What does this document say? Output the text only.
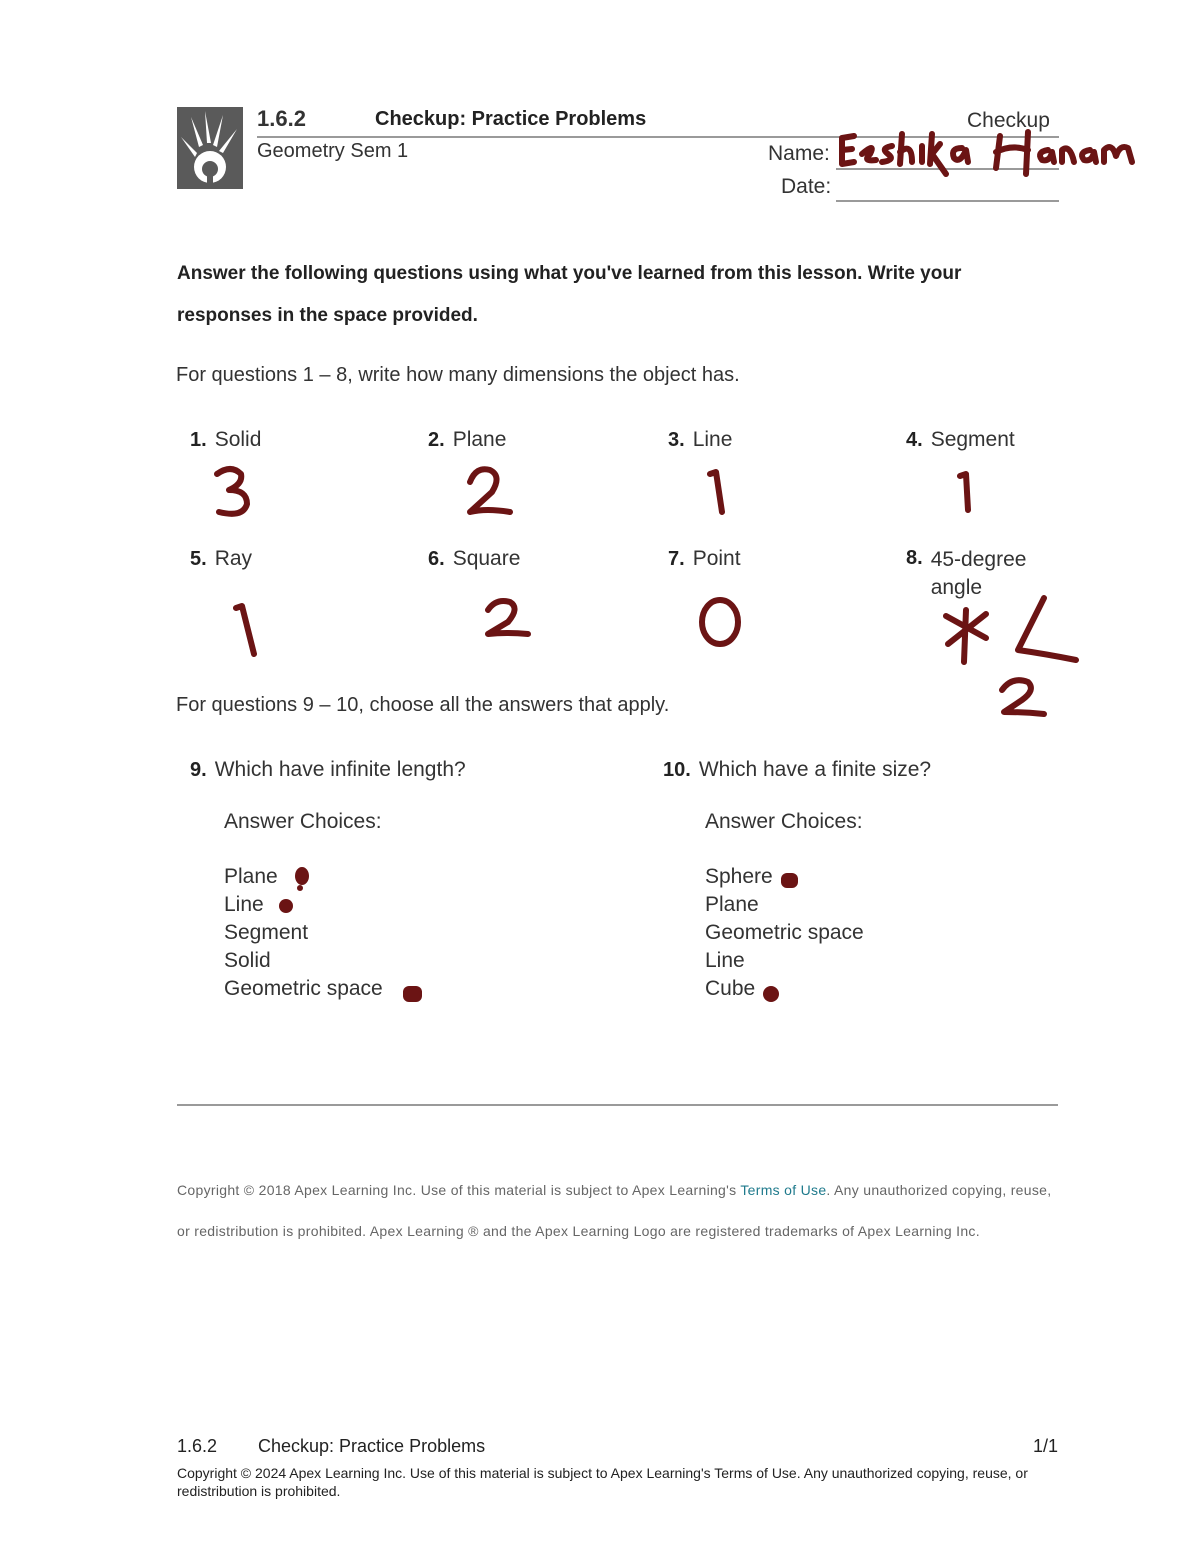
1.6.2	Checkup: Practice Problems	Checkup
Geometry Sem 1	Name:
Date:
Answer the following questions using what you've learned from this lesson. Write your responses in the space provided.
For questions 1 – 8, write how many dimensions the object has.
1. Solid	2. Plane	3. Line	4. Segment
5. Ray	6. Square	7. Point	8. 45-degree angle
For questions 9 – 10, choose all the answers that apply.
9. Which have infinite length?
Answer Choices:
Plane
Line
Segment
Solid
Geometric space
10. Which have a finite size?
Answer Choices:
Sphere
Plane
Geometric space
Line
Cube
Copyright © 2018 Apex Learning Inc. Use of this material is subject to Apex Learning's Terms of Use. Any unauthorized copying, reuse, or redistribution is prohibited. Apex Learning ® and the Apex Learning Logo are registered trademarks of Apex Learning Inc.
1.6.2 Checkup: Practice Problems	1/1
Copyright © 2024 Apex Learning Inc. Use of this material is subject to Apex Learning's Terms of Use. Any unauthorized copying, reuse, or redistribution is prohibited.
